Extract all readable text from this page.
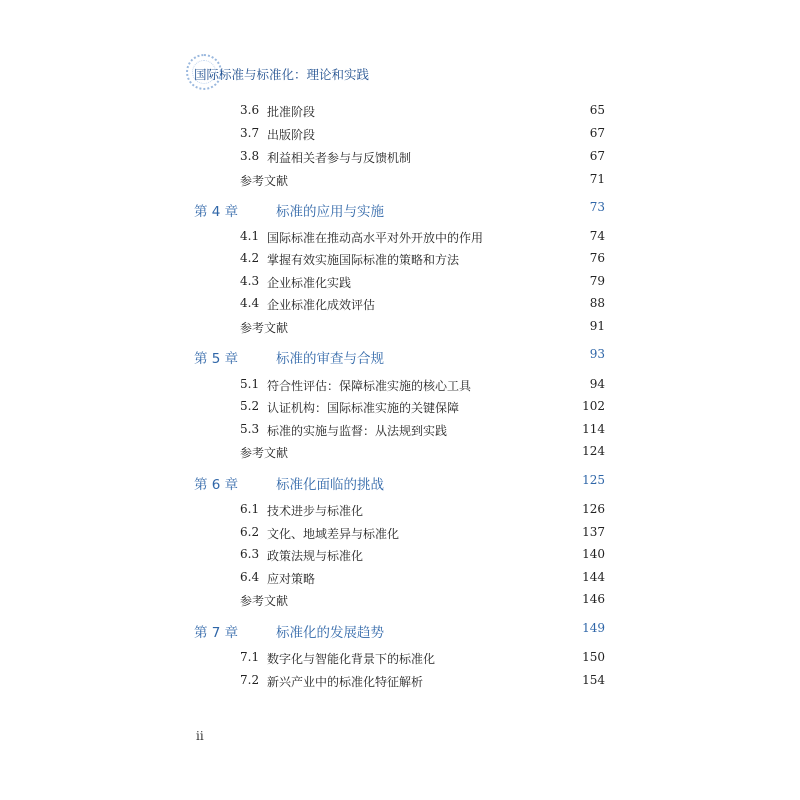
国际标准与标准化：理论和实践
3.6 批准阶段	65
3.7 出版阶段	67
3.8 利益相关者参与与反馈机制	67
参考文献	71
第 4 章	标准的应用与实施	73
4.1 国际标准在推动高水平对外开放中的作用	74
4.2 掌握有效实施国际标准的策略和方法	76
4.3 企业标准化实践	79
4.4 企业标准化成效评估	88
参考文献	91
第 5 章	标准的审查与合规	93
5.1 符合性评估：保障标准实施的核心工具	94
5.2 认证机构：国际标准实施的关键保障	102
5.3 标准的实施与监督：从法规到实践	114
参考文献	124
第 6 章	标准化面临的挑战	125
6.1 技术进步与标准化	126
6.2 文化、地域差异与标准化	137
6.3 政策法规与标准化	140
6.4 应对策略	144
参考文献	146
第 7 章	标准化的发展趋势	149
7.1 数字化与智能化背景下的标准化	150
7.2 新兴产业中的标准化特征解析	154
ii
